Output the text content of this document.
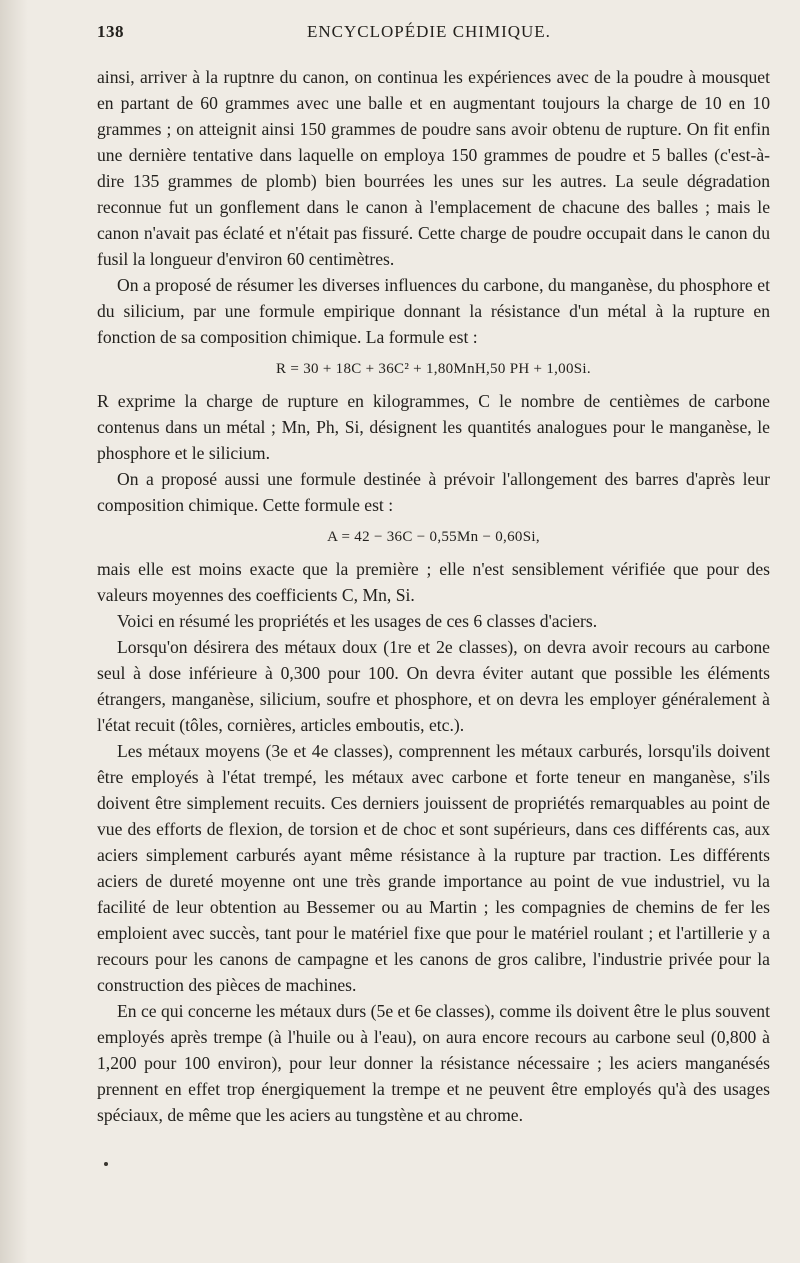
138	ENCYCLOPÉDIE CHIMIQUE.

ainsi, arriver à la ruptnre du canon, on continua les expériences avec de la poudre à mousquet en partant de 60 grammes avec une balle et en augmentant toujours la charge de 10 en 10 grammes ; on atteignit ainsi 150 grammes de poudre sans avoir obtenu de rupture. On fit enfin une dernière tentative dans laquelle on employa 150 grammes de poudre et 5 balles (c'est-à-dire 135 grammes de plomb) bien bourrées les unes sur les autres. La seule dégradation reconnue fut un gonflement dans le canon à l'emplacement de chacune des balles ; mais le canon n'avait pas éclaté et n'était pas fissuré. Cette charge de poudre occupait dans le canon du fusil la longueur d'environ 60 centimètres.

On a proposé de résumer les diverses influences du carbone, du manganèse, du phosphore et du silicium, par une formule empirique donnant la résistance d'un métal à la rupture en fonction de sa composition chimique. La formule est :

R = 30 + 18C + 36C² + 1,80MnH,50 PH + 1,00Si.

R exprime la charge de rupture en kilogrammes, C le nombre de centièmes de carbone contenus dans un métal ; Mn, Ph, Si, désignent les quantités analogues pour le manganèse, le phosphore et le silicium.

On a proposé aussi une formule destinée à prévoir l'allongement des barres d'après leur composition chimique. Cette formule est :

A = 42 − 36C − 0,55Mn − 0,60Si,

mais elle est moins exacte que la première ; elle n'est sensiblement vérifiée que pour des valeurs moyennes des coefficients C, Mn, Si.

Voici en résumé les propriétés et les usages de ces 6 classes d'aciers.

Lorsqu'on désirera des métaux doux (1re et 2e classes), on devra avoir recours au carbone seul à dose inférieure à 0,300 pour 100. On devra éviter autant que possible les éléments étrangers, manganèse, silicium, soufre et phosphore, et on devra les employer généralement à l'état recuit (tôles, cornières, articles emboutis, etc.).

Les métaux moyens (3e et 4e classes), comprennent les métaux carburés, lorsqu'ils doivent être employés à l'état trempé, les métaux avec carbone et forte teneur en manganèse, s'ils doivent être simplement recuits. Ces derniers jouissent de propriétés remarquables au point de vue des efforts de flexion, de torsion et de choc et sont supérieurs, dans ces différents cas, aux aciers simplement carburés ayant même résistance à la rupture par traction. Les différents aciers de dureté moyenne ont une très grande importance au point de vue industriel, vu la facilité de leur obtention au Bessemer ou au Martin ; les compagnies de chemins de fer les emploient avec succès, tant pour le matériel fixe que pour le matériel roulant ; et l'artillerie y a recours pour les canons de campagne et les canons de gros calibre, l'industrie privée pour la construction des pièces de machines.

En ce qui concerne les métaux durs (5e et 6e classes), comme ils doivent être le plus souvent employés après trempe (à l'huile ou à l'eau), on aura encore recours au carbone seul (0,800 à 1,200 pour 100 environ), pour leur donner la résistance nécessaire ; les aciers manganésés prennent en effet trop énergiquement la trempe et ne peuvent être employés qu'à des usages spéciaux, de même que les aciers au tungstène et au chrome.
